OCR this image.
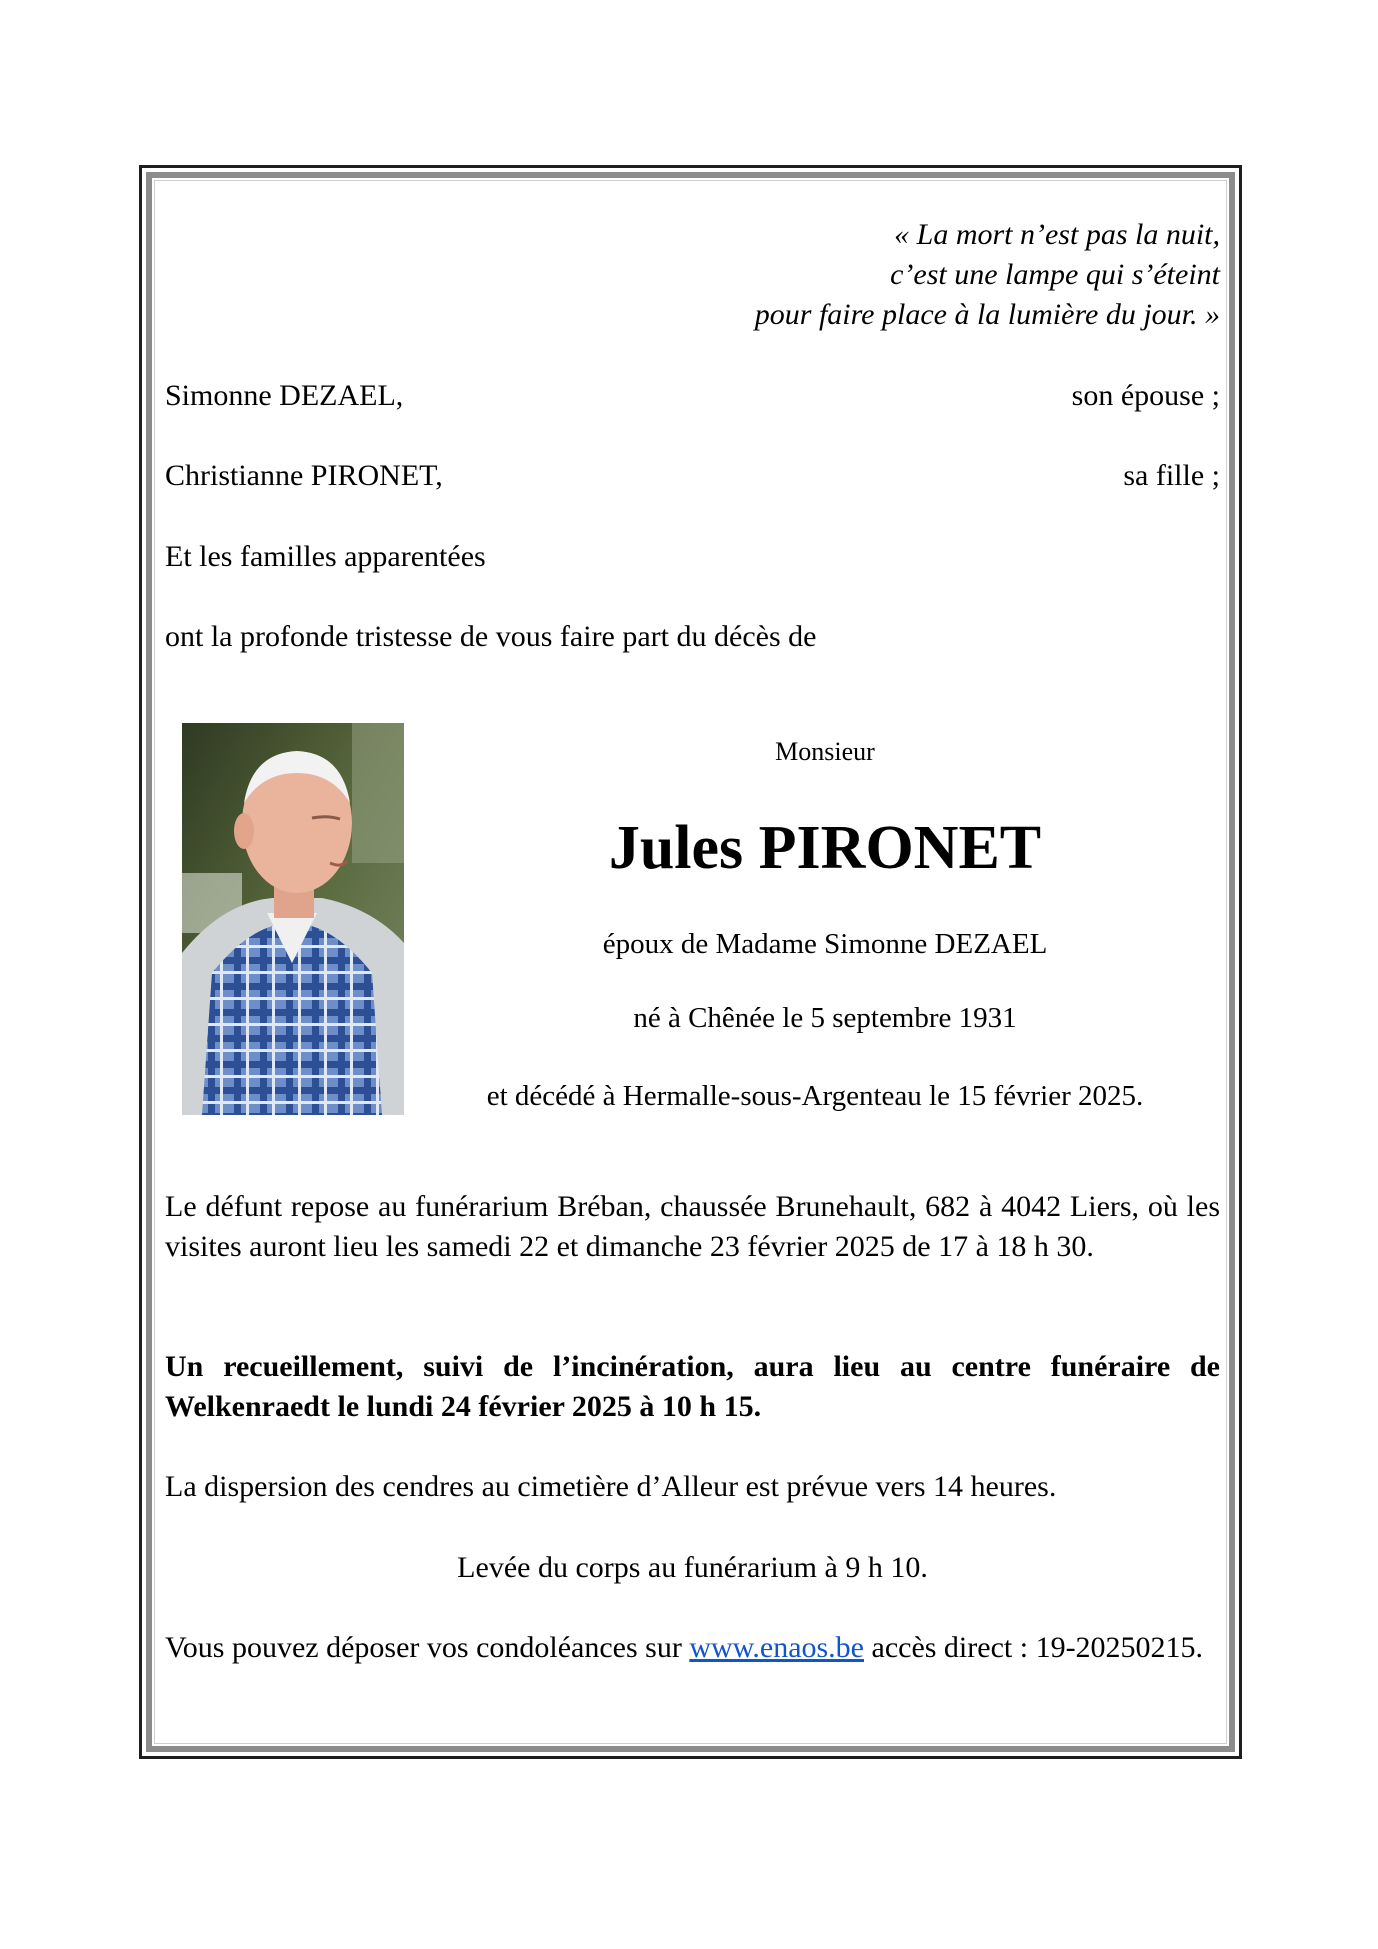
« La mort n’est pas la nuit,
c’est une lampe qui s’éteint
pour faire place à la lumière du jour. »
Simonne DEZAEL,	son épouse ;
Christianne PIRONET,	sa fille ;
Et les familles apparentées
ont la profonde tristesse de vous faire part du décès de
Monsieur
Jules PIRONET
époux de Madame Simonne DEZAEL
né à Chênée le 5 septembre 1931
et décédé à Hermalle-sous-Argenteau le 15 février 2025.
Le défunt repose au funérarium Bréban, chaussée Brunehault, 682 à 4042 Liers, où les visites auront lieu les samedi 22 et dimanche 23 février 2025 de 17 à 18 h 30.
Un recueillement, suivi de l’incinération, aura lieu au centre funéraire de Welkenraedt le lundi 24 février 2025 à 10 h 15.
La dispersion des cendres au cimetière d’Alleur est prévue vers 14 heures.
Levée du corps au funérarium à 9 h 10.
Vous pouvez déposer vos condoléances sur www.enaos.be accès direct : 19-20250215.
